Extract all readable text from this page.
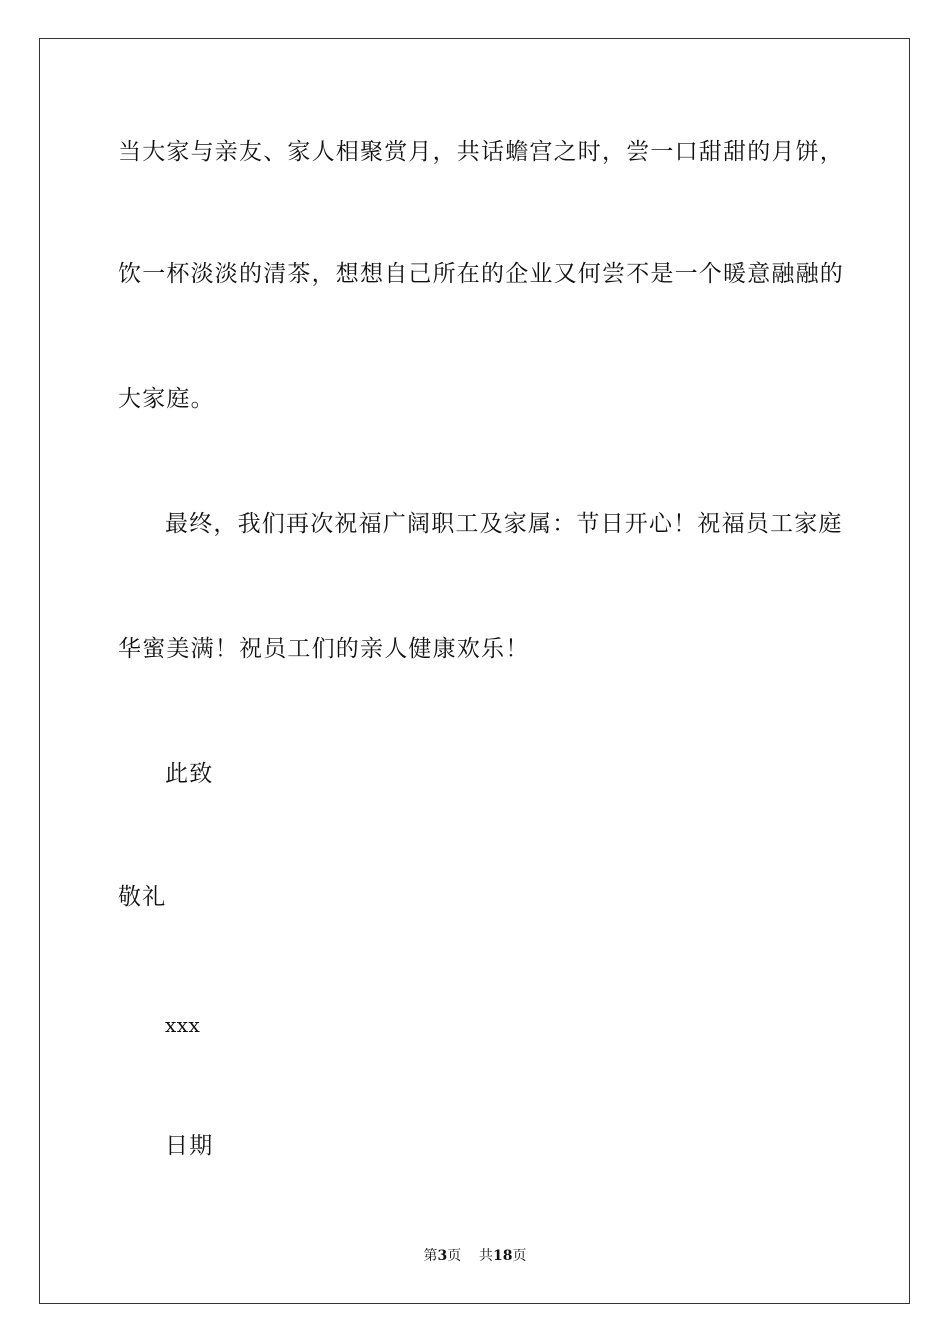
当大家与亲友、家人相聚赏月，共话蟾宫之时，尝一口甜甜的月饼，
饮一杯淡淡的清茶，想想自己所在的企业又何尝不是一个暖意融融的
大家庭。
最终，我们再次祝福广阔职工及家属：节日开心！祝福员工家庭
华蜜美满！祝员工们的亲人健康欢乐！
此致
敬礼
xxx
日期
第3页 共18页
